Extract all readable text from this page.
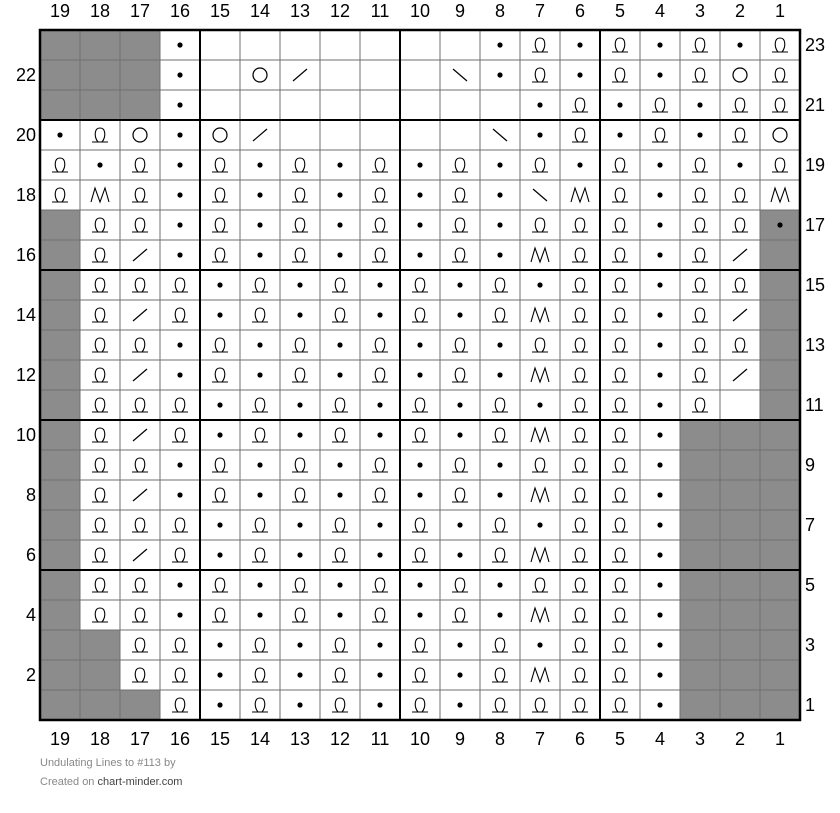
19
19
18
18
17
17
16
16
15
15
14
14
13
13
12
12
11
11
10
10
9
9
8
8
7
7
6
6
5
5
4
4
3
3
2
2
1
1
23
22
21
20
19
18
17
16
15
14
13
12
11
10
9
8
7
6
5
4
3
2
1
Undulating Lines to #113 by
Created on chart-minder.com
